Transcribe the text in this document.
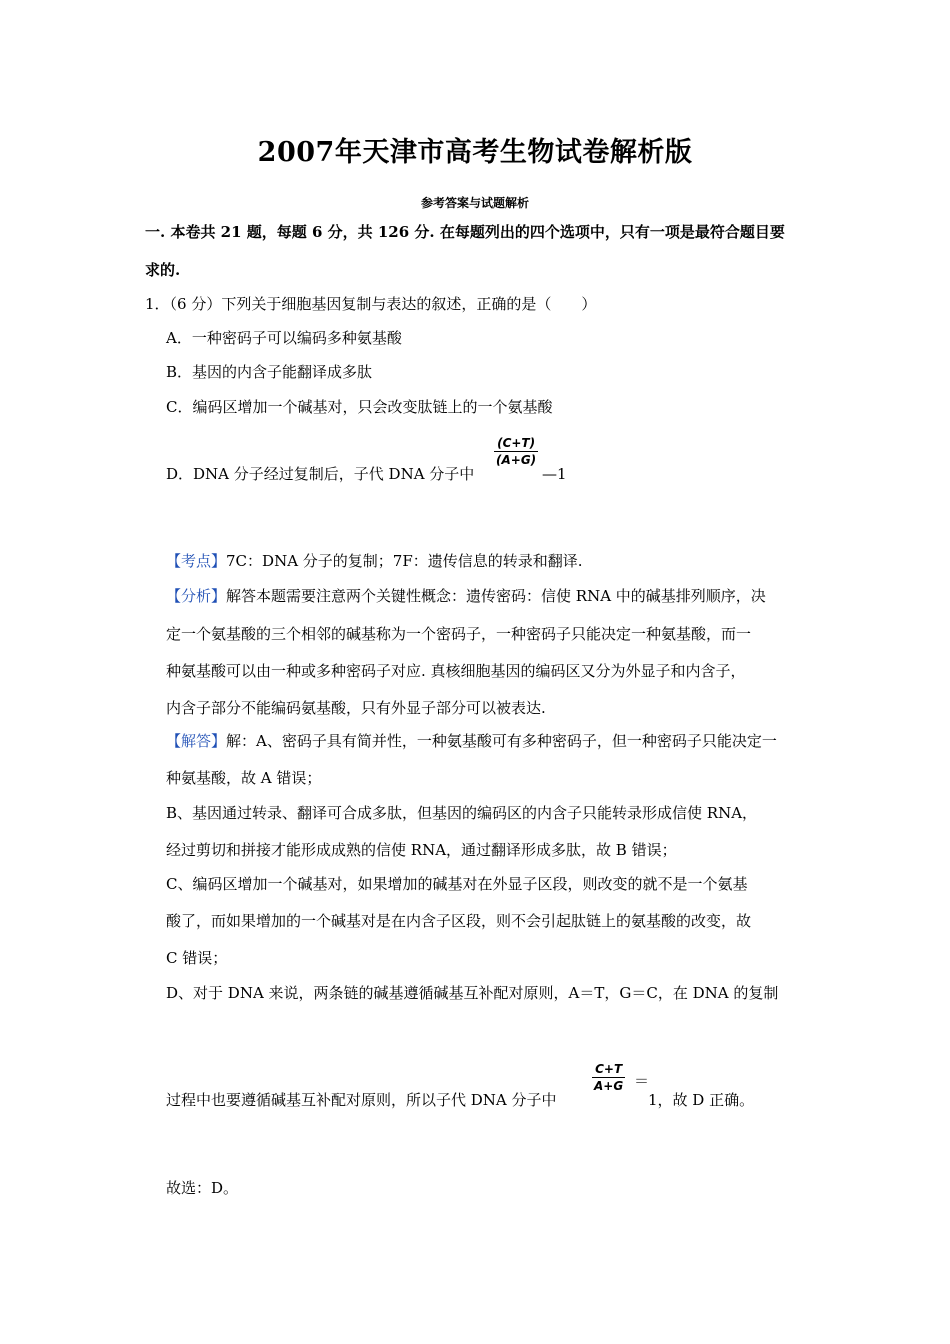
2007年天津市高考生物试卷解析版
参考答案与试题解析
一. 本卷共 21 题，每题 6 分，共 126 分. 在每题列出的四个选项中，只有一项是最符合题目要
求的.
1．（6 分）下列关于细胞基因复制与表达的叙述，正确的是（　　）
A．一种密码子可以编码多种氨基酸
B．基因的内含子能翻译成多肽
C．编码区增加一个碱基对，只会改变肽链上的一个氨基酸
D．DNA 分子经过复制后，子代 DNA 分子中
$\frac{(C+T)}{(A+G)}$
—1
【考点】7C：DNA 分子的复制；7F：遗传信息的转录和翻译.
【分析】解答本题需要注意两个关键性概念：遗传密码：信使 RNA 中的碱基排列顺序，决
定一个氨基酸的三个相邻的碱基称为一个密码子，一种密码子只能决定一种氨基酸，而一
种氨基酸可以由一种或多种密码子对应. 真核细胞基因的编码区又分为外显子和内含子，
内含子部分不能编码氨基酸，只有外显子部分可以被表达.
【解答】解：A、密码子具有简并性，一种氨基酸可有多种密码子，但一种密码子只能决定一
种氨基酸，故 A 错误；
B、基因通过转录、翻译可合成多肽，但基因的编码区的内含子只能转录形成信使 RNA，
经过剪切和拼接才能形成成熟的信使 RNA，通过翻译形成多肽，故 B 错误；
C、编码区增加一个碱基对，如果增加的碱基对在外显子区段，则改变的就不是一个氨基
酸了，而如果增加的一个碱基对是在内含子区段，则不会引起肽链上的氨基酸的改变，故
C 错误；
D、对于 DNA 来说，两条链的碱基遵循碱基互补配对原则，A＝T，G＝C，在 DNA 的复制
过程中也要遵循碱基互补配对原则，所以子代 DNA 分子中
$\frac{C+T}{A+G}$ ＝
1，故 D 正确。
故选：D。
